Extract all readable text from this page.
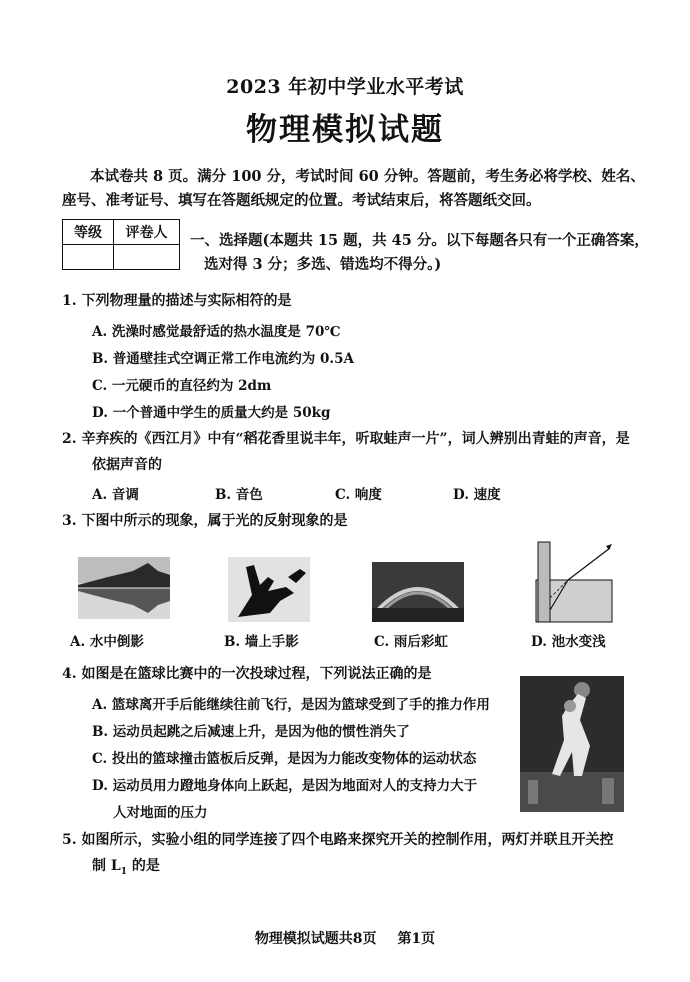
2023 年初中学业水平考试
物理模拟试题
本试卷共 8 页。满分 100 分，考试时间 60 分钟。答题前，考生务必将学校、姓名、座号、准考证号、填写在答题纸规定的位置。考试结束后，将答题纸交回。
等级	评卷人
	一、选择题(本题共 15 题，共 45 分。以下每题各只有一个正确答案，
选对得 3 分；多选、错选均不得分。)
1. 下列物理量的描述与实际相符的是
A. 洗澡时感觉最舒适的热水温度是 70℃
B. 普通壁挂式空调正常工作电流约为 0.5A
C. 一元硬币的直径约为 2dm
D. 一个普通中学生的质量大约是 50kg
2. 辛弃疾的《西江月》中有“稻花香里说丰年，听取蛙声一片”，词人辨别出青蛙的声音，是
依据声音的
A. 音调	B. 音色	C. 响度	D. 速度
3. 下图中所示的现象，属于光的反射现象的是
A. 水中倒影	B. 墙上手影	C. 雨后彩虹	D. 池水变浅
4. 如图是在篮球比赛中的一次投球过程，下列说法正确的是
A. 篮球离开手后能继续往前飞行，是因为篮球受到了手的推力作用
B. 运动员起跳之后减速上升，是因为他的惯性消失了
C. 投出的篮球撞击篮板后反弹，是因为力能改变物体的运动状态
D. 运动员用力蹬地身体向上跃起，是因为地面对人的支持力大于
人对地面的压力
5. 如图所示，实验小组的同学连接了四个电路来探究开关的控制作用，两灯并联且开关控
制 $L_1$ 的是
物理模拟试题共8页 第1页
